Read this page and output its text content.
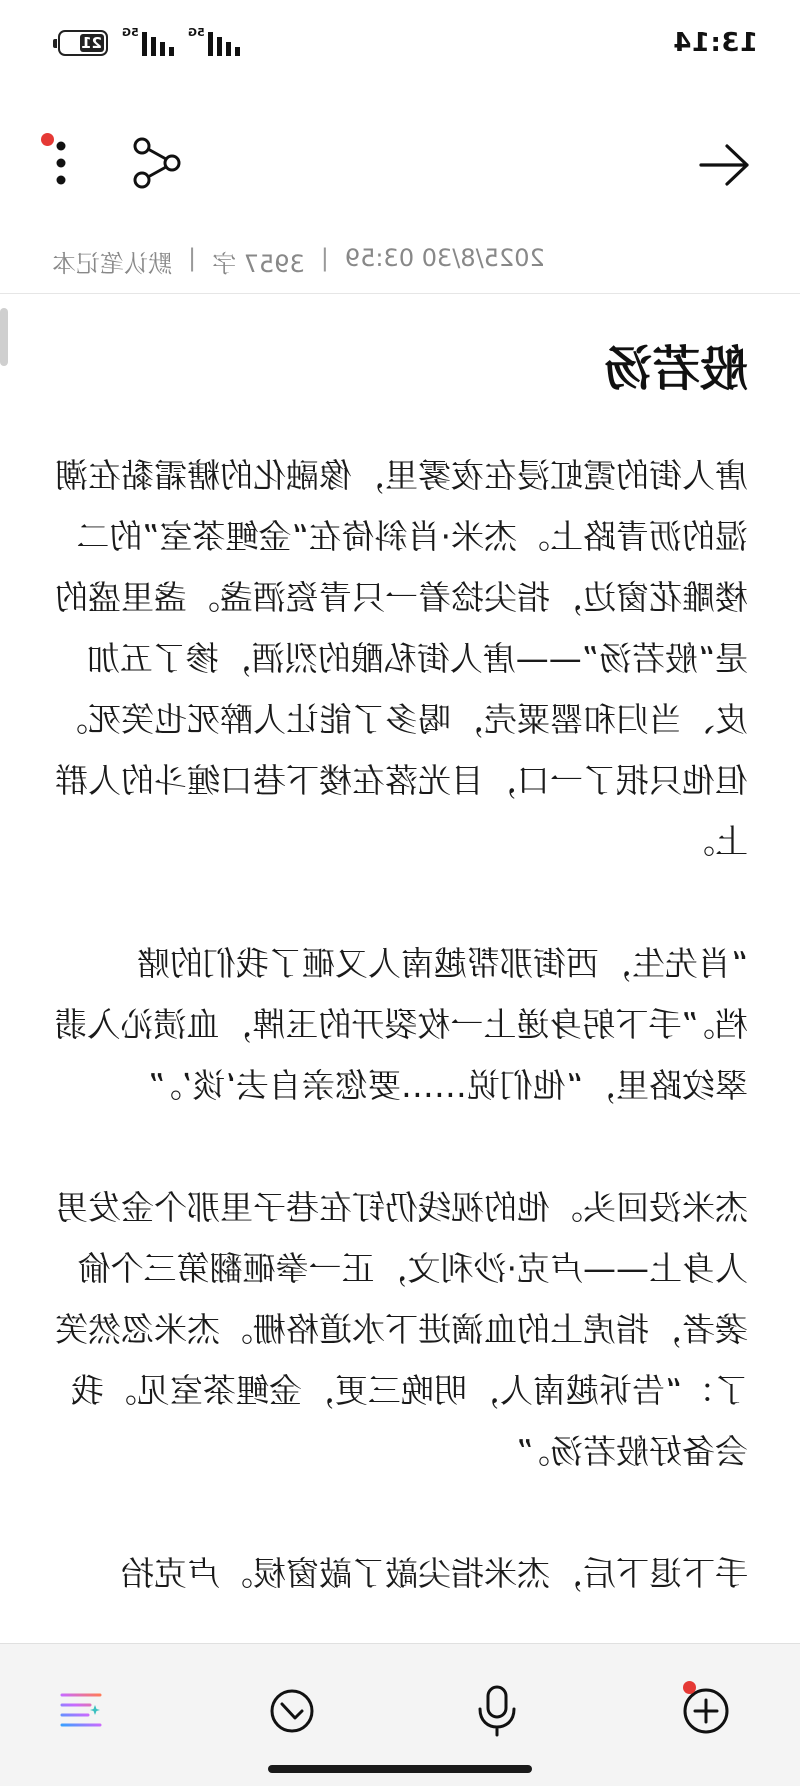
13:14
5G
5G
21
2025/8/30 03:59
|
3957 字
|
默认笔记本
般若汤

唐人街的霓虹浸在夜雾里，像融化的糖霜黏在潮湿的沥青路上。杰米·肖斜倚在“金鲤茶室”的二楼雕花窗边，指尖捻着一只青瓷酒盏。盏里盛的是“般若汤”——唐人街私酿的烈酒，掺了五加皮、当归和罂粟壳，喝多了能让人醉死也笑死。但他只抿了一口，目光落在楼下巷口缠斗的人群上。

“肖先生，西街那帮越南人又砸了我们的赌档。”手下躬身递上一枚裂开的玉牌，血渍沁入翡翠纹路里，“他们说……要您亲自去‘谈’。”

杰米没回头。他的视线仍钉在巷子里那个金发男人身上——卢克·沙利文，正一拳砸翻第三个偷袭者，指虎上的血滴进下水道格栅。杰米忽然笑了：“告诉越南人，明晚三更，金鲤茶室见。我会备好般若汤。”

手下退下后，杰米指尖敲了敲窗棂。卢克抬
